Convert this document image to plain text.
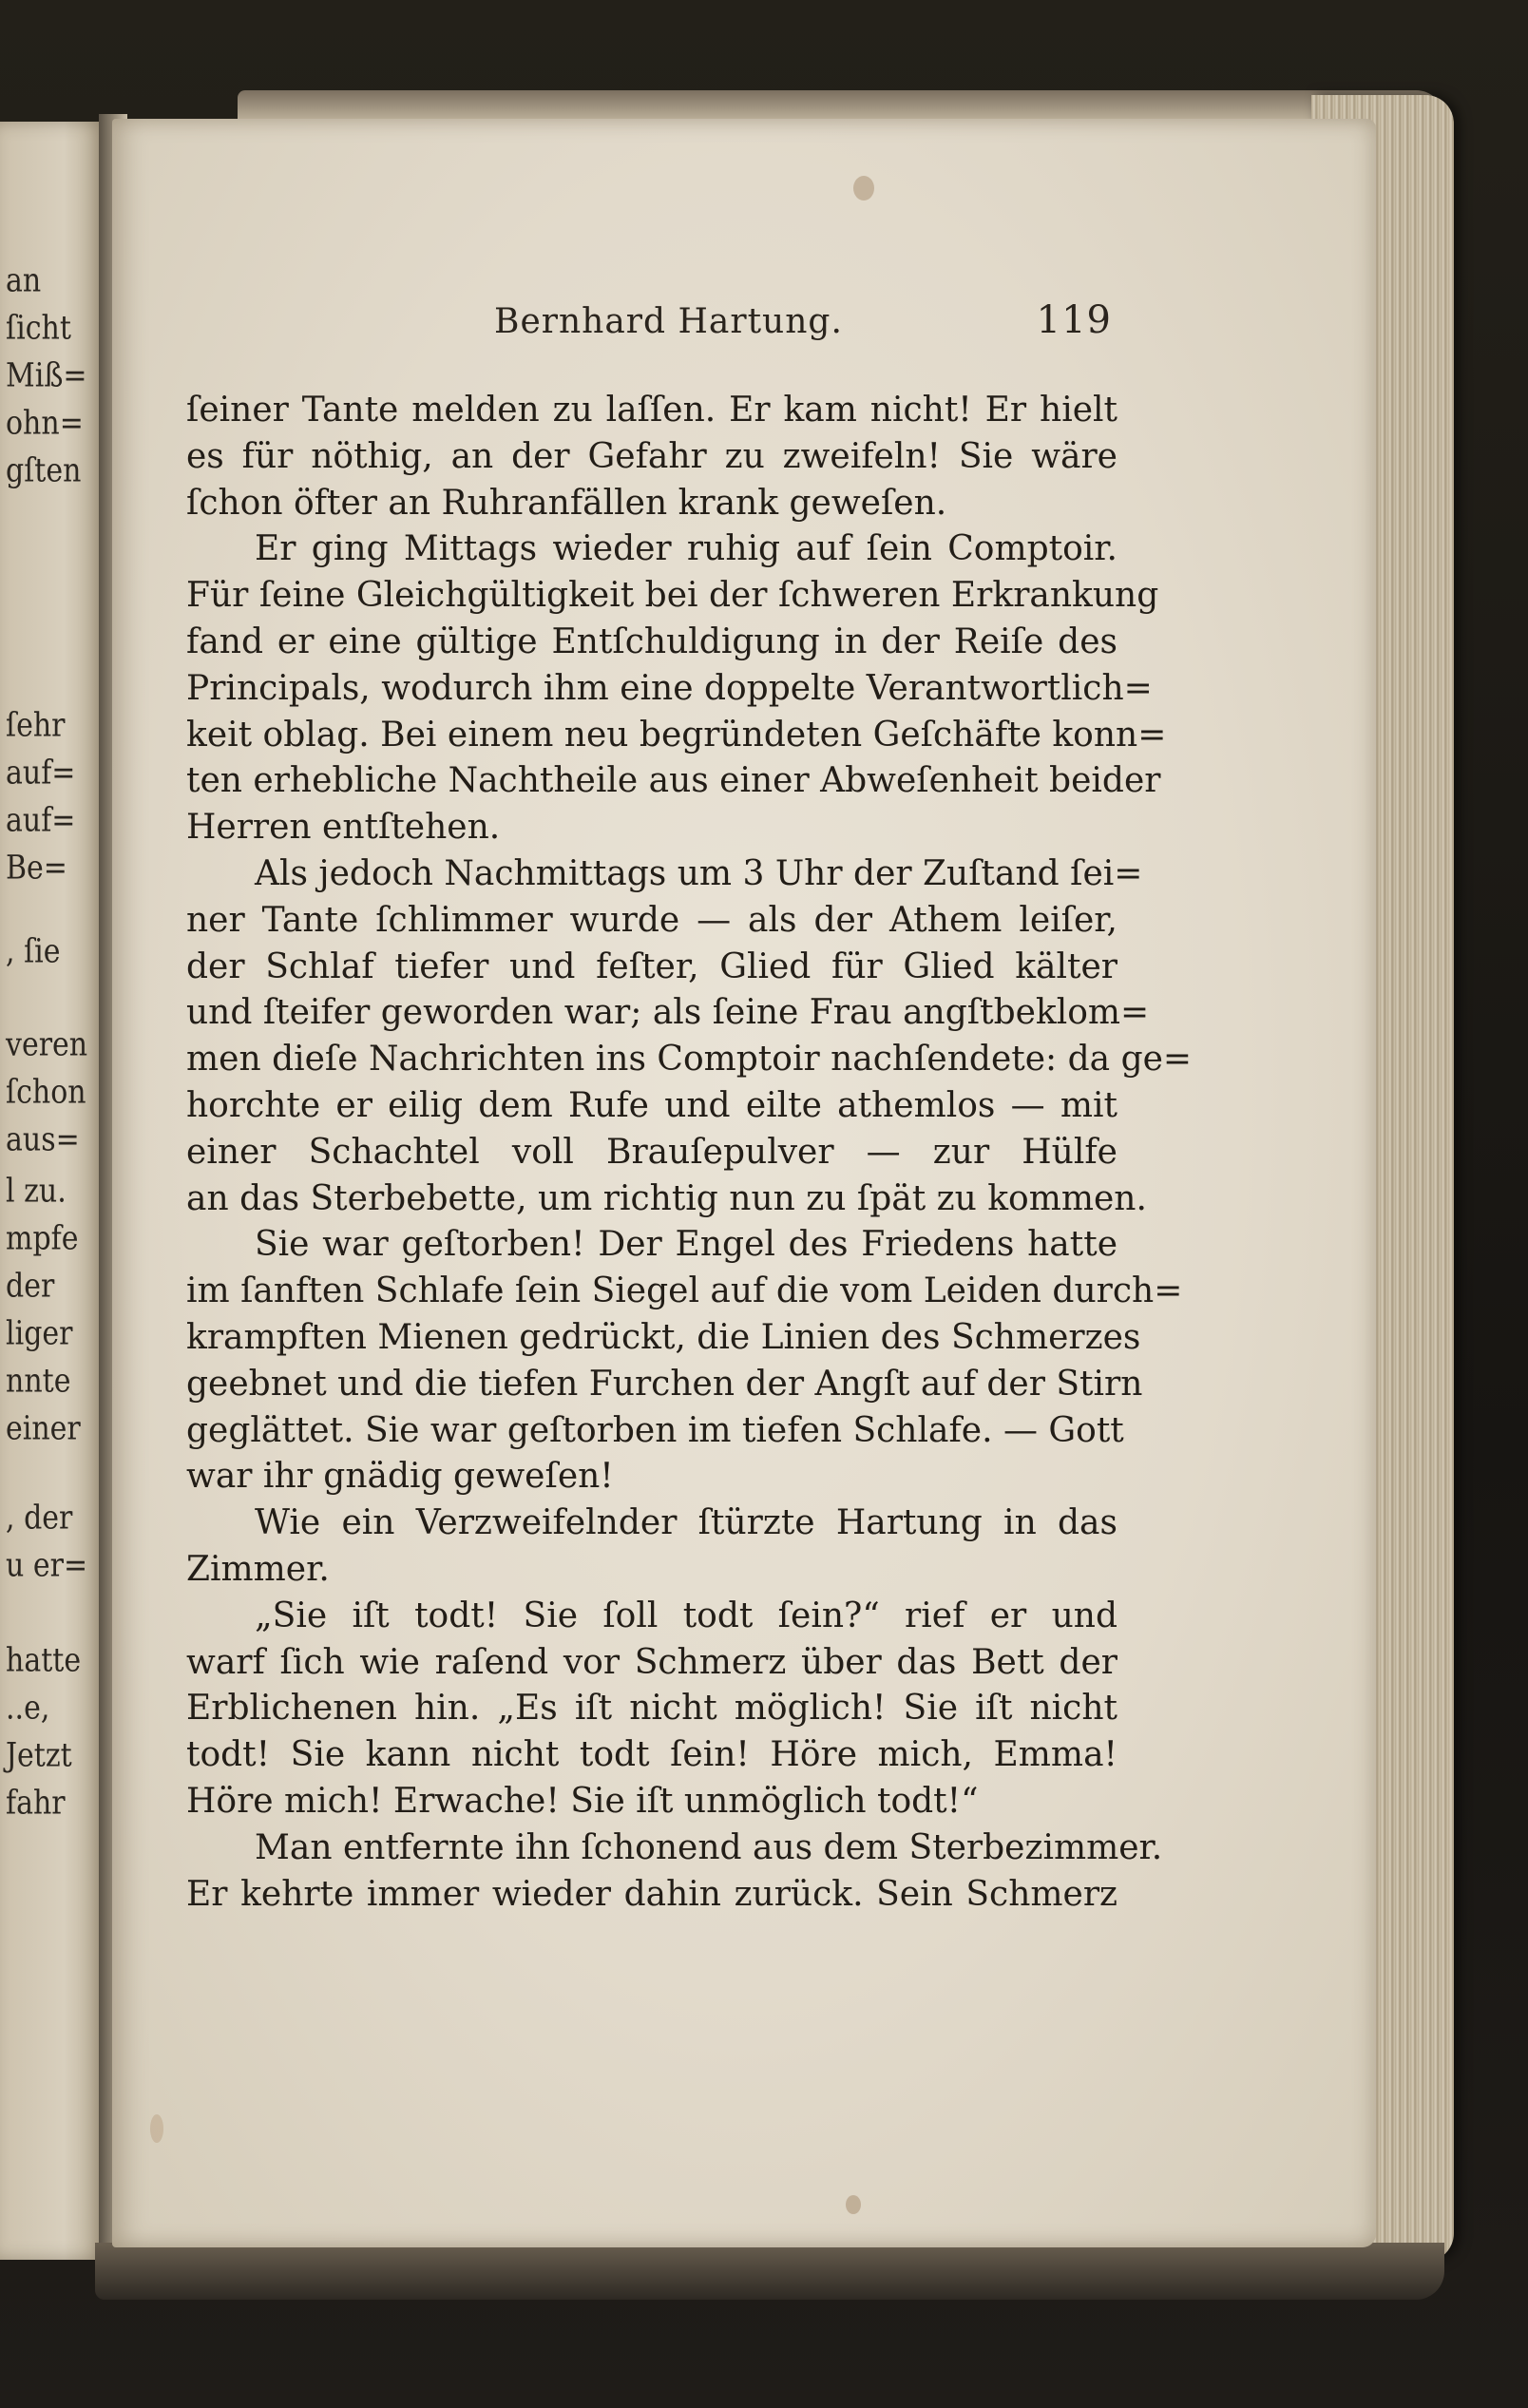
an
ſicht
Miß=
ohn=
gſten
ſehr
auf=
auf=
Be=
, ſie
veren
ſchon
aus=
l zu.
mpfe
der
liger
nnte
einer
, der
u er=
hatte
..e,
Jetzt
fahr
Bernhard Hartung.	119
ſeiner Tante melden zu laſſen. Er kam nicht! Er hielt
es für nöthig, an der Gefahr zu zweifeln! Sie wäre
ſchon öfter an Ruhranfällen krank geweſen.
Er ging Mittags wieder ruhig auf ſein Comptoir.
Für ſeine Gleichgültigkeit bei der ſchweren Erkrankung
fand er eine gültige Entſchuldigung in der Reiſe des
Principals, wodurch ihm eine doppelte Verantwortlich=
keit oblag. Bei einem neu begründeten Geſchäfte konn=
ten erhebliche Nachtheile aus einer Abweſenheit beider
Herren entſtehen.
Als jedoch Nachmittags um 3 Uhr der Zuſtand ſei=
ner Tante ſchlimmer wurde — als der Athem leiſer,
der Schlaf tiefer und feſter, Glied für Glied kälter
und ſteifer geworden war; als ſeine Frau angſtbeklom=
men dieſe Nachrichten ins Comptoir nachſendete: da ge=
horchte er eilig dem Rufe und eilte athemlos — mit
einer Schachtel voll Brauſepulver — zur Hülfe
an das Sterbebette, um richtig nun zu ſpät zu kommen.
Sie war geſtorben! Der Engel des Friedens hatte
im ſanften Schlafe ſein Siegel auf die vom Leiden durch=
krampften Mienen gedrückt, die Linien des Schmerzes
geebnet und die tiefen Furchen der Angſt auf der Stirn
geglättet. Sie war geſtorben im tiefen Schlafe. — Gott
war ihr gnädig geweſen!
Wie ein Verzweifelnder ſtürzte Hartung in das
Zimmer.
„Sie iſt todt! Sie ſoll todt ſein?“ rief er und
warf ſich wie raſend vor Schmerz über das Bett der
Erblichenen hin. „Es iſt nicht möglich! Sie iſt nicht
todt! Sie kann nicht todt ſein! Höre mich, Emma!
Höre mich! Erwache! Sie iſt unmöglich todt!“
Man entfernte ihn ſchonend aus dem Sterbezimmer.
Er kehrte immer wieder dahin zurück. Sein Schmerz
